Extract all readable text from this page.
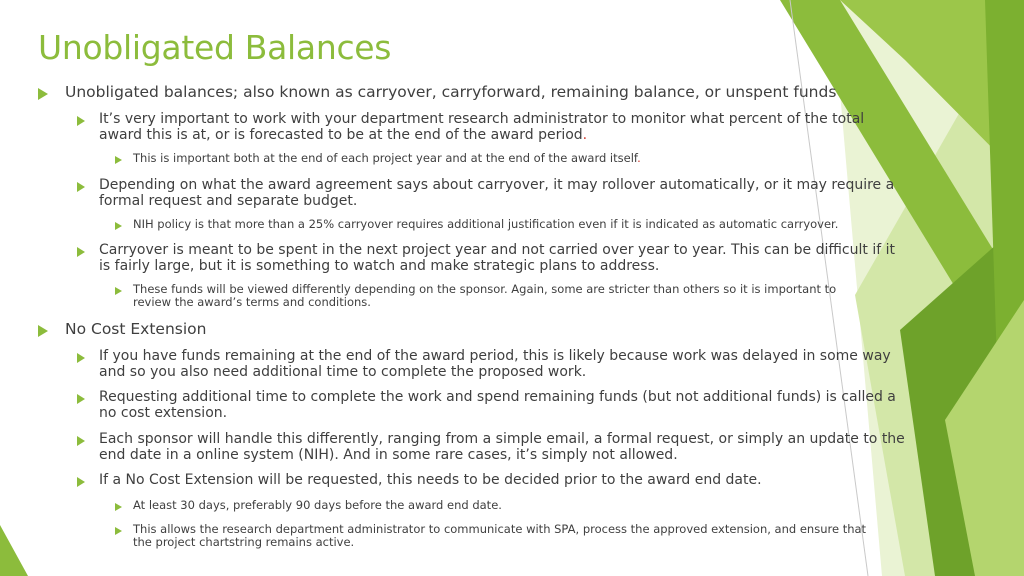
Unobligated Balances
Unobligated balances; also known as carryover, carryforward, remaining balance, or unspent funds
It’s very important to work with your department research administrator to monitor what percent of the total
award this is at, or is forecasted to be at the end of the award period.
This is important both at the end of each project year and at the end of the award itself.
Depending on what the award agreement says about carryover, it may rollover automatically, or it may require a
formal request and separate budget.
NIH policy is that more than a 25% carryover requires additional justification even if it is indicated as automatic carryover.
Carryover is meant to be spent in the next project year and not carried over year to year. This can be difficult if it
is fairly large, but it is something to watch and make strategic plans to address.
These funds will be viewed differently depending on the sponsor. Again, some are stricter than others so it is important to
review the award’s terms and conditions.
No Cost Extension
If you have funds remaining at the end of the award period, this is likely because work was delayed in some way
and so you also need additional time to complete the proposed work.
Requesting additional time to complete the work and spend remaining funds (but not additional funds) is called a
no cost extension.
Each sponsor will handle this differently, ranging from a simple email, a formal request, or simply an update to the
end date in a online system (NIH). And in some rare cases, it’s simply not allowed.
If a No Cost Extension will be requested, this needs to be decided prior to the award end date.
At least 30 days, preferably 90 days before the award end date.
This allows the research department administrator to communicate with SPA, process the approved extension, and ensure that
the project chartstring remains active.
